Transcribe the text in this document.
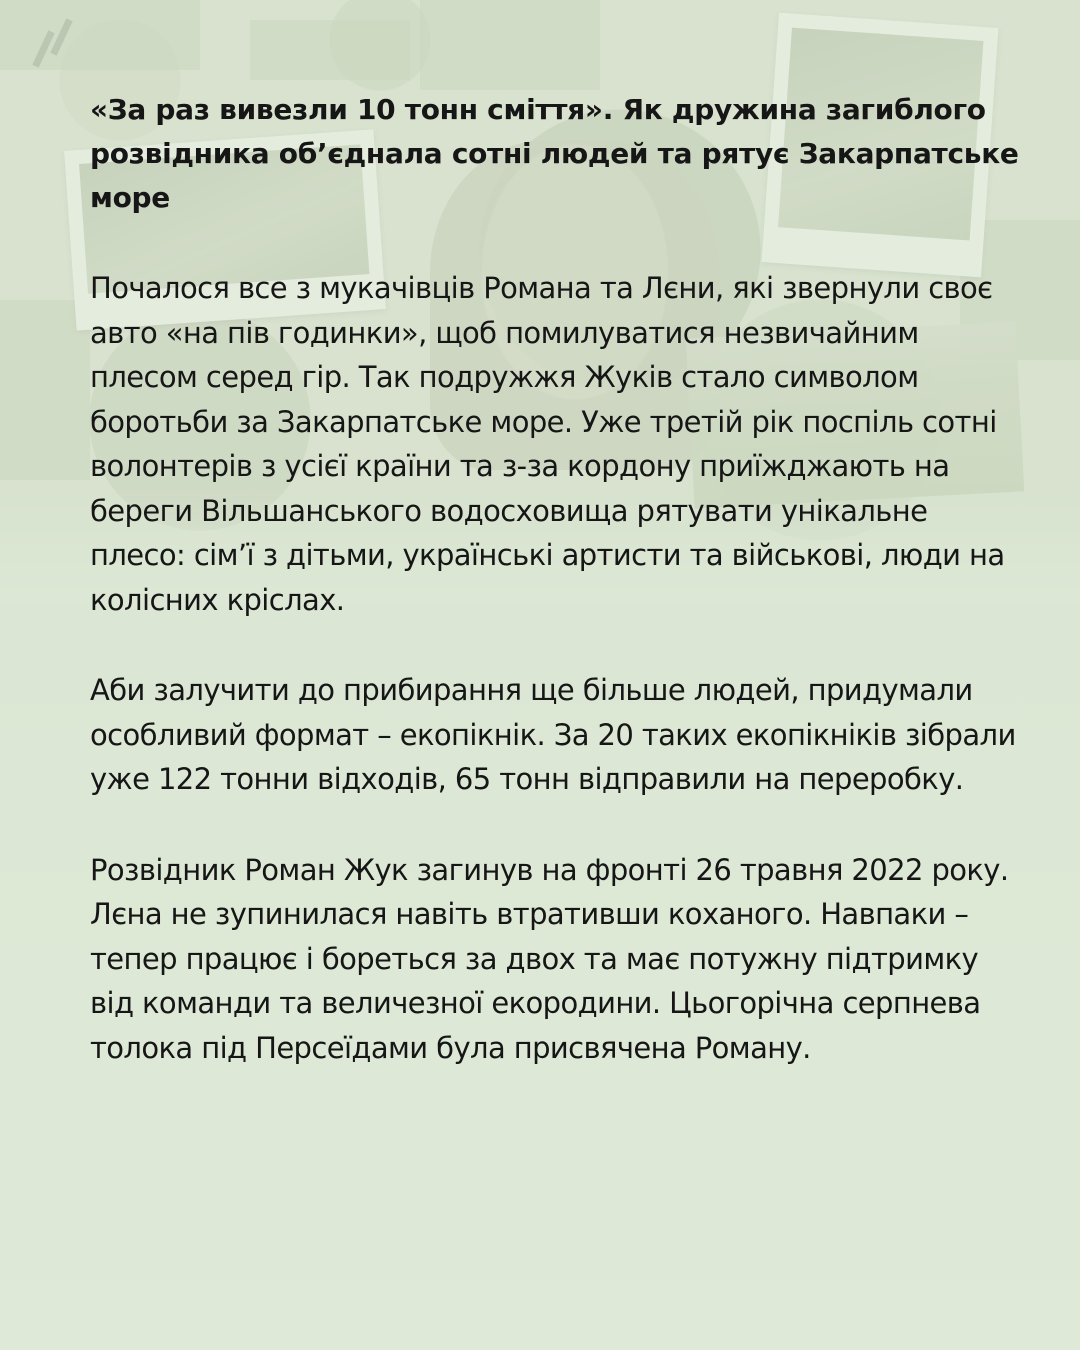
«За раз вивезли 10 тонн сміття». Як дружина загиблого розвідника об’єднала сотні людей та рятує Закарпатське море

Почалося все з мукачівців Романа та Лєни, які звернули своє авто «на пів годинки», щоб помилуватися незвичайним плесом серед гір. Так подружжя Жуків стало символом боротьби за Закарпатське море. Уже третій рік поспіль сотні волонтерів з усієї країни та з-за кордону приїжджають на береги Вільшанського водосховища рятувати унікальне плесо: сім’ї з дітьми, українські артисти та військові, люди на колісних кріслах.

Аби залучити до прибирання ще більше людей, придумали особливий формат – екопікнік. За 20 таких екопікніків зібрали уже 122 тонни відходів, 65 тонн відправили на переробку.

Розвідник Роман Жук загинув на фронті 26 травня 2022 року. Лєна не зупинилася навіть втративши коханого. Навпаки – тепер працює і бореться за двох та має потужну підтримку від команди та величезної екородини. Цьогорічна серпнева толока під Персеїдами була присвячена Роману.
